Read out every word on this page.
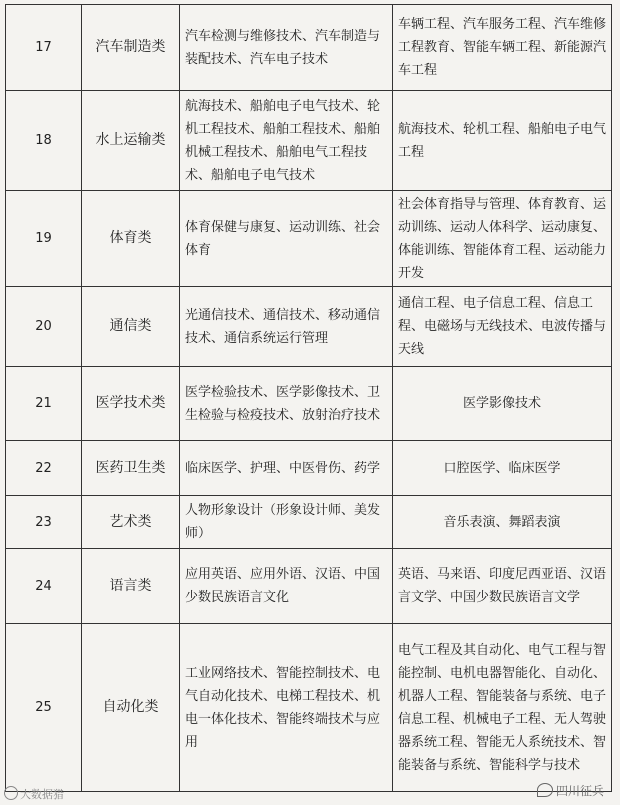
17	汽车制造类	汽车检测与维修技术、汽车制造与装配技术、汽车电子技术	车辆工程、汽车服务工程、汽车维修工程教育、智能车辆工程、新能源汽车工程
18	水上运输类	航海技术、船舶电子电气技术、轮机工程技术、船舶工程技术、船舶机械工程技术、船舶电气工程技术、船舶电子电气技术	航海技术、轮机工程、船舶电子电气工程
19	体育类	体育保健与康复、运动训练、社会体育	社会体育指导与管理、体育教育、运动训练、运动人体科学、运动康复、体能训练、智能体育工程、运动能力开发
20	通信类	光通信技术、通信技术、移动通信技术、通信系统运行管理	通信工程、电子信息工程、信息工程、电磁场与无线技术、电波传播与天线
21	医学技术类	医学检验技术、医学影像技术、卫生检验与检疫技术、放射治疗技术	医学影像技术
22	医药卫生类	临床医学、护理、中医骨伤、药学	口腔医学、临床医学
23	艺术类	人物形象设计（形象设计师、美发师）	音乐表演、舞蹈表演
24	语言类	应用英语、应用外语、汉语、中国少数民族语言文化	英语、马来语、印度尼西亚语、汉语言文学、中国少数民族语言文学
25	自动化类	工业网络技术、智能控制技术、电气自动化技术、电梯工程技术、机电一体化技术、智能终端技术与应用	电气工程及其自动化、电气工程与智能控制、电机电器智能化、自动化、机器人工程、智能装备与系统、电子信息工程、机械电子工程、无人驾驶器系统工程、智能无人系统技术、智能装备与系统、智能科学与技术
大数据猎	四川征兵
